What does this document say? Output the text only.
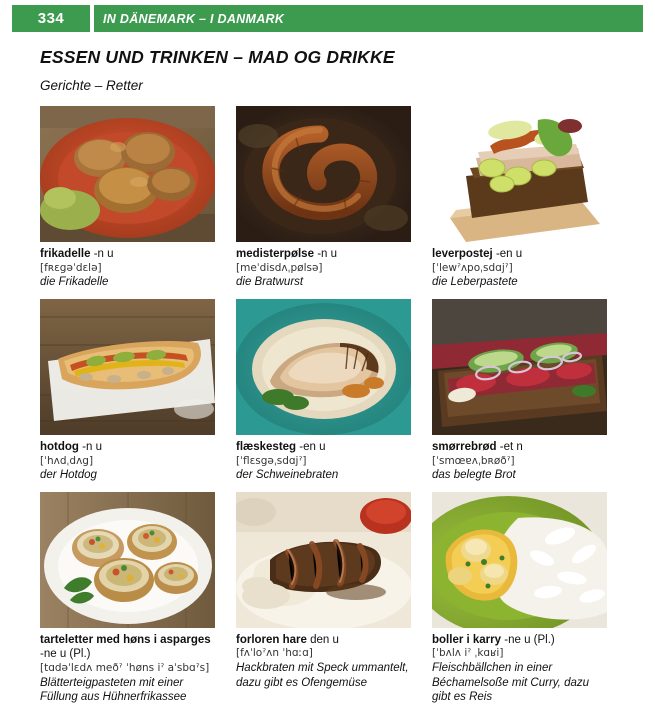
334	IN DÄNEMARK – I DANMARK
ESSEN UND TRINKEN – MAD OG DRIKKE
Gerichte – Retter
frikadelle -n u
[fʀɛgəˈdɛlə]
die Frikadelle
medisterpølse -n u
[meˈdisdʌˌpølsə]
die Bratwurst
leverpostej -en u
[ˈlewˀʌpoˌsdɑjˀ]
die Leberpastete
hotdog -n u
[ˈhʌdˌdʌg]
der Hotdog
flæskesteg -en u
[ˈflɛsgəˌsdɑjˀ]
der Schweinebraten
smørrebrød -et n
[ˈsmœɐʌˌbʀøðˀ]
das belegte Brot
tarteletter med høns i asparges
-ne u (Pl.)
[tɑdəˈlɛdʌ meðˀ ˈhøns iˀ aˈsbɑˀs]
Blätterteigpasteten mit einer Füllung aus Hühnerfrikassee
forloren hare den u
[fʌˈloˀʌn ˈhɑːɑ]
Hackbraten mit Speck ummantelt, dazu gibt es Ofengemüse
boller i karry -ne u (Pl.)
[ˈbʌlʌ iˀ ˌkɑʁi]
Fleischbällchen in einer Béchamelsoße mit Curry, dazu gibt es Reis
